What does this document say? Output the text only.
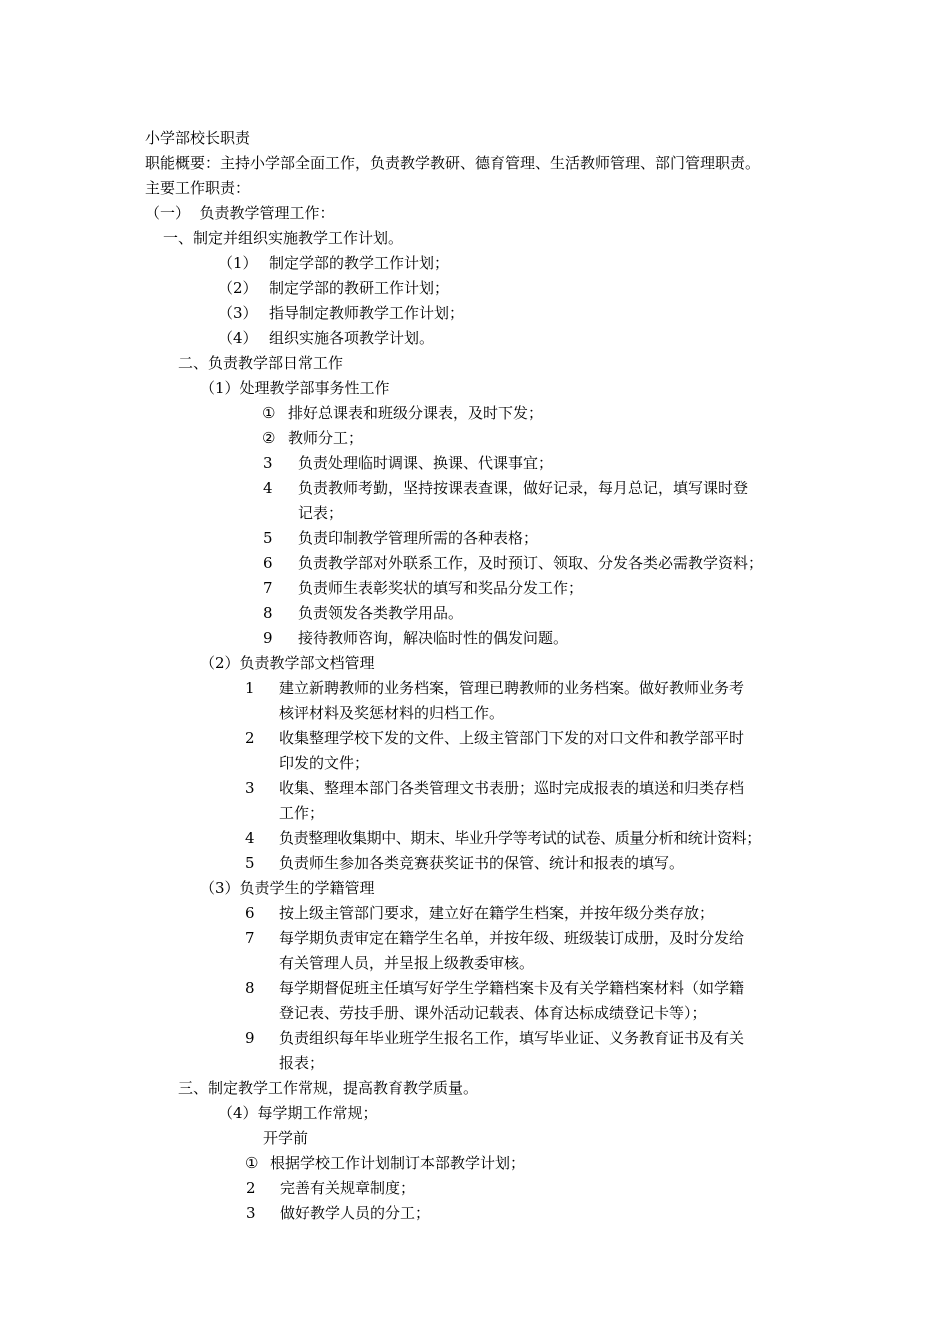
小学部校长职责
职能概要：主持小学部全面工作，负责教学教研、德育管理、生活教师管理、部门管理职责。
主要工作职责：
（一）  负责教学管理工作：
一、制定并组织实施教学工作计划。
（1） 制定学部的教学工作计划；
（2） 制定学部的教研工作计划；
（3） 指导制定教师教学工作计划；
（4） 组织实施各项教学计划。
二、负责教学部日常工作
（1）处理教学部事务性工作
① 排好总课表和班级分课表，及时下发；
② 教师分工；
3 负责处理临时调课、换课、代课事宜；
4 负责教师考勤，坚持按课表查课，做好记录，每月总记，填写课时登
记表；
5 负责印制教学管理所需的各种表格；
6 负责教学部对外联系工作，及时预订、领取、分发各类必需教学资料；
7 负责师生表彰奖状的填写和奖品分发工作；
8 负责领发各类教学用品。
9 接待教师咨询，解决临时性的偶发问题。
（2）负责教学部文档管理
1 建立新聘教师的业务档案，管理已聘教师的业务档案。做好教师业务考
核评材料及奖惩材料的归档工作。
2 收集整理学校下发的文件、上级主管部门下发的对口文件和教学部平时
印发的文件；
3 收集、整理本部门各类管理文书表册；巡时完成报表的填送和归类存档
工作；
4 负责整理收集期中、期末、毕业升学等考试的试卷、质量分析和统计资料；
5 负责师生参加各类竞赛获奖证书的保管、统计和报表的填写。
（3）负责学生的学籍管理
6 按上级主管部门要求，建立好在籍学生档案，并按年级分类存放；
7 每学期负责审定在籍学生名单，并按年级、班级装订成册，及时分发给
有关管理人员，并呈报上级教委审核。
8 每学期督促班主任填写好学生学籍档案卡及有关学籍档案材料（如学籍
登记表、劳技手册、课外活动记载表、体育达标成绩登记卡等）；
9 负责组织每年毕业班学生报名工作，填写毕业证、义务教育证书及有关
报表；
三、制定教学工作常规，提高教育教学质量。
（4）每学期工作常规；
开学前
① 根据学校工作计划制订本部教学计划；
2 完善有关规章制度；
3 做好教学人员的分工；
